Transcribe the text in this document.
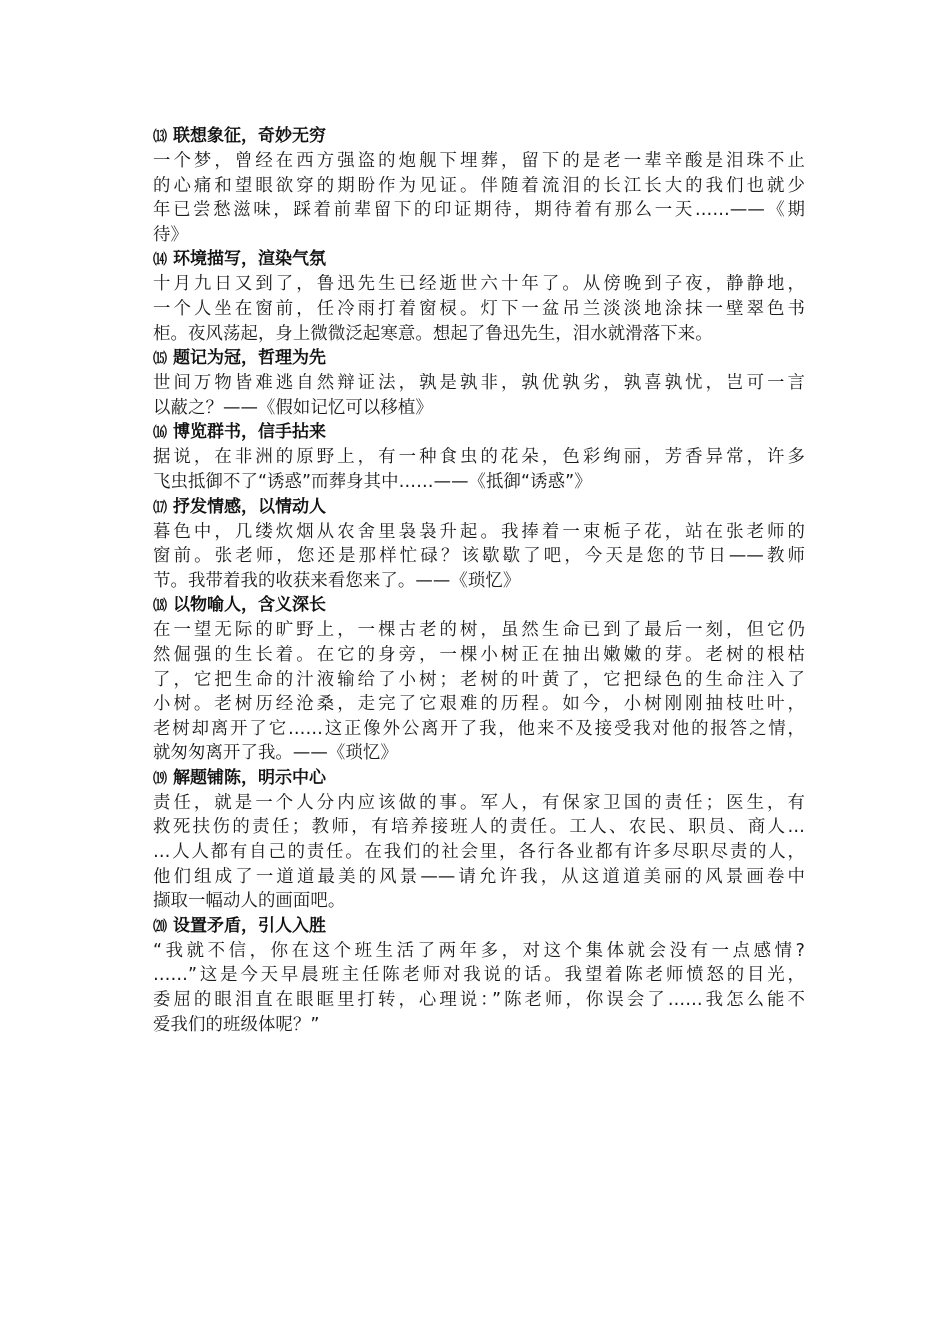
⒀ 联想象征，奇妙无穷

一个梦，曾经在西方强盗的炮舰下埋葬，留下的是老一辈辛酸是泪珠不止
的心痛和望眼欲穿的期盼作为见证。伴随着流泪的长江长大的我们也就少
年已尝愁滋味，踩着前辈留下的印证期待，期待着有那么一天……——《期
待》

⒁ 环境描写，渲染气氛

十月九日又到了，鲁迅先生已经逝世六十年了。从傍晚到子夜，静静地，
一个人坐在窗前，任冷雨打着窗棂。灯下一盆吊兰淡淡地涂抹一壁翠色书
柜。夜风荡起，身上微微泛起寒意。想起了鲁迅先生，泪水就滑落下来。

⒂ 题记为冠，哲理为先

世间万物皆难逃自然辩证法，孰是孰非，孰优孰劣，孰喜孰忧，岂可一言
以蔽之？——《假如记忆可以移植》

⒃ 博览群书，信手拈来

据说，在非洲的原野上，有一种食虫的花朵，色彩绚丽，芳香异常，许多
飞虫抵御不了“诱惑”而葬身其中……——《抵御“诱惑”》

⒄ 抒发情感，以情动人

暮色中，几缕炊烟从农舍里袅袅升起。我捧着一束栀子花，站在张老师的
窗前。张老师，您还是那样忙碌？该歇歇了吧，今天是您的节日——教师
节。我带着我的收获来看您来了。——《琐忆》

⒅ 以物喻人，含义深长

在一望无际的旷野上，一棵古老的树，虽然生命已到了最后一刻，但它仍
然倔强的生长着。在它的身旁，一棵小树正在抽出嫩嫩的芽。老树的根枯
了，它把生命的汁液输给了小树；老树的叶黄了，它把绿色的生命注入了
小树。老树历经沧桑，走完了它艰难的历程。如今，小树刚刚抽枝吐叶，
老树却离开了它……这正像外公离开了我，他来不及接受我对他的报答之情，
就匆匆离开了我。——《琐忆》

⒆ 解题铺陈，明示中心

责任，就是一个人分内应该做的事。军人，有保家卫国的责任；医生，有
救死扶伤的责任；教师，有培养接班人的责任。工人、农民、职员、商人…
…人人都有自己的责任。在我们的社会里，各行各业都有许多尽职尽责的人，
他们组成了一道道最美的风景——请允许我，从这道道美丽的风景画卷中
撷取一幅动人的画面吧。

⒇ 设置矛盾，引人入胜

“我就不信，你在这个班生活了两年多，对这个集体就会没有一点感情?
……”这是今天早晨班主任陈老师对我说的话。我望着陈老师愤怒的目光，
委屈的眼泪直在眼眶里打转，心理说：”陈老师，你误会了……我怎么能不
爱我们的班级体呢？”
